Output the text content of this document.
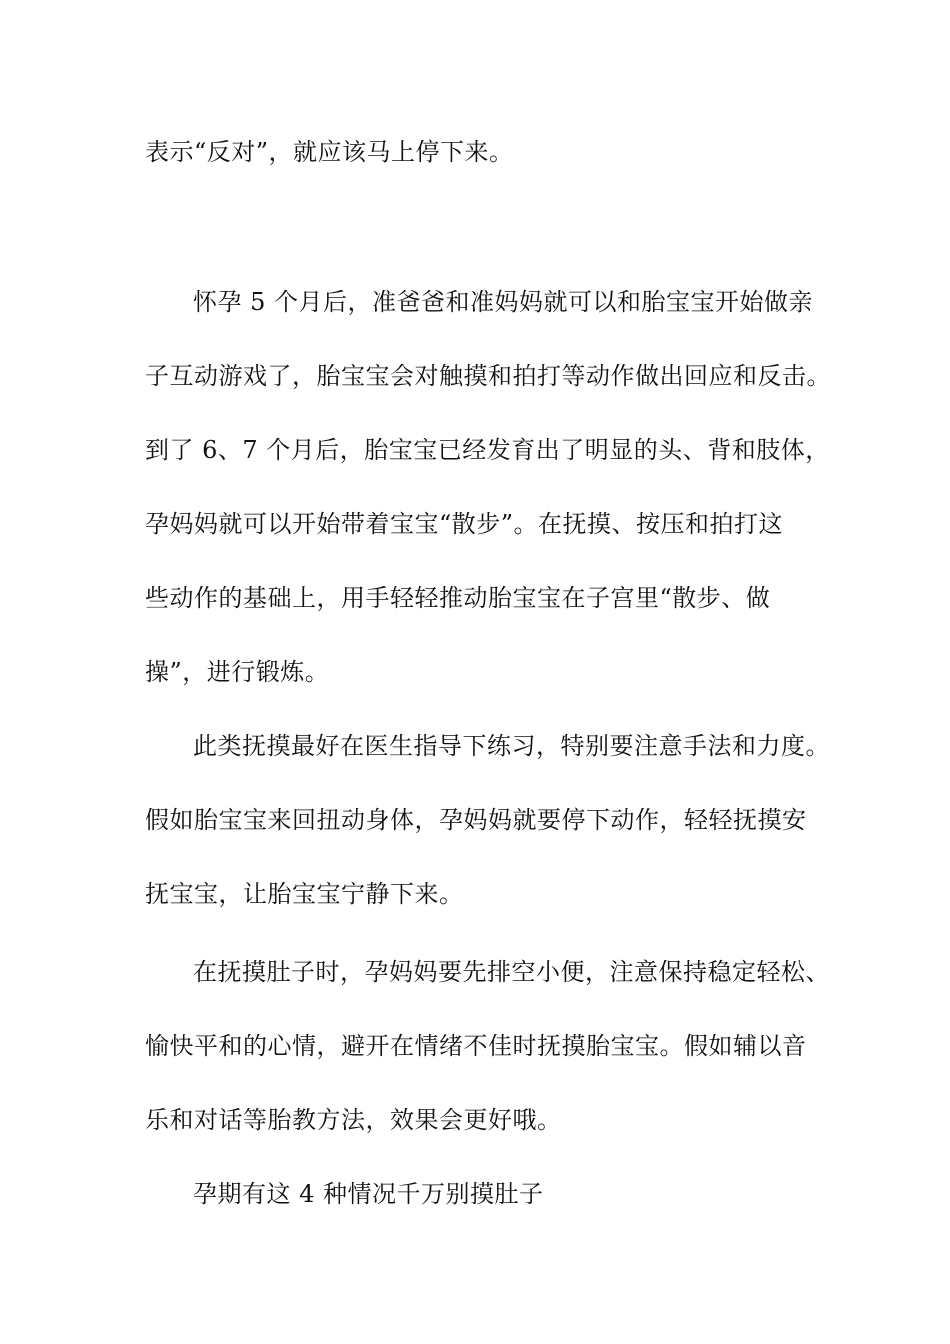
表示“反对”，就应该马上停下来。
怀孕 5 个月后，准爸爸和准妈妈就可以和胎宝宝开始做亲
子互动游戏了，胎宝宝会对触摸和拍打等动作做出回应和反击。
到了 6、7 个月后，胎宝宝已经发育出了明显的头、背和肢体，
孕妈妈就可以开始带着宝宝“散步”。在抚摸、按压和拍打这
些动作的基础上，用手轻轻推动胎宝宝在子宫里“散步、做
操”，进行锻炼。
此类抚摸最好在医生指导下练习，特别要注意手法和力度。
假如胎宝宝来回扭动身体，孕妈妈就要停下动作，轻轻抚摸安
抚宝宝，让胎宝宝宁静下来。
在抚摸肚子时，孕妈妈要先排空小便，注意保持稳定轻松、
愉快平和的心情，避开在情绪不佳时抚摸胎宝宝。假如辅以音
乐和对话等胎教方法，效果会更好哦。
孕期有这 4 种情况千万别摸肚子
